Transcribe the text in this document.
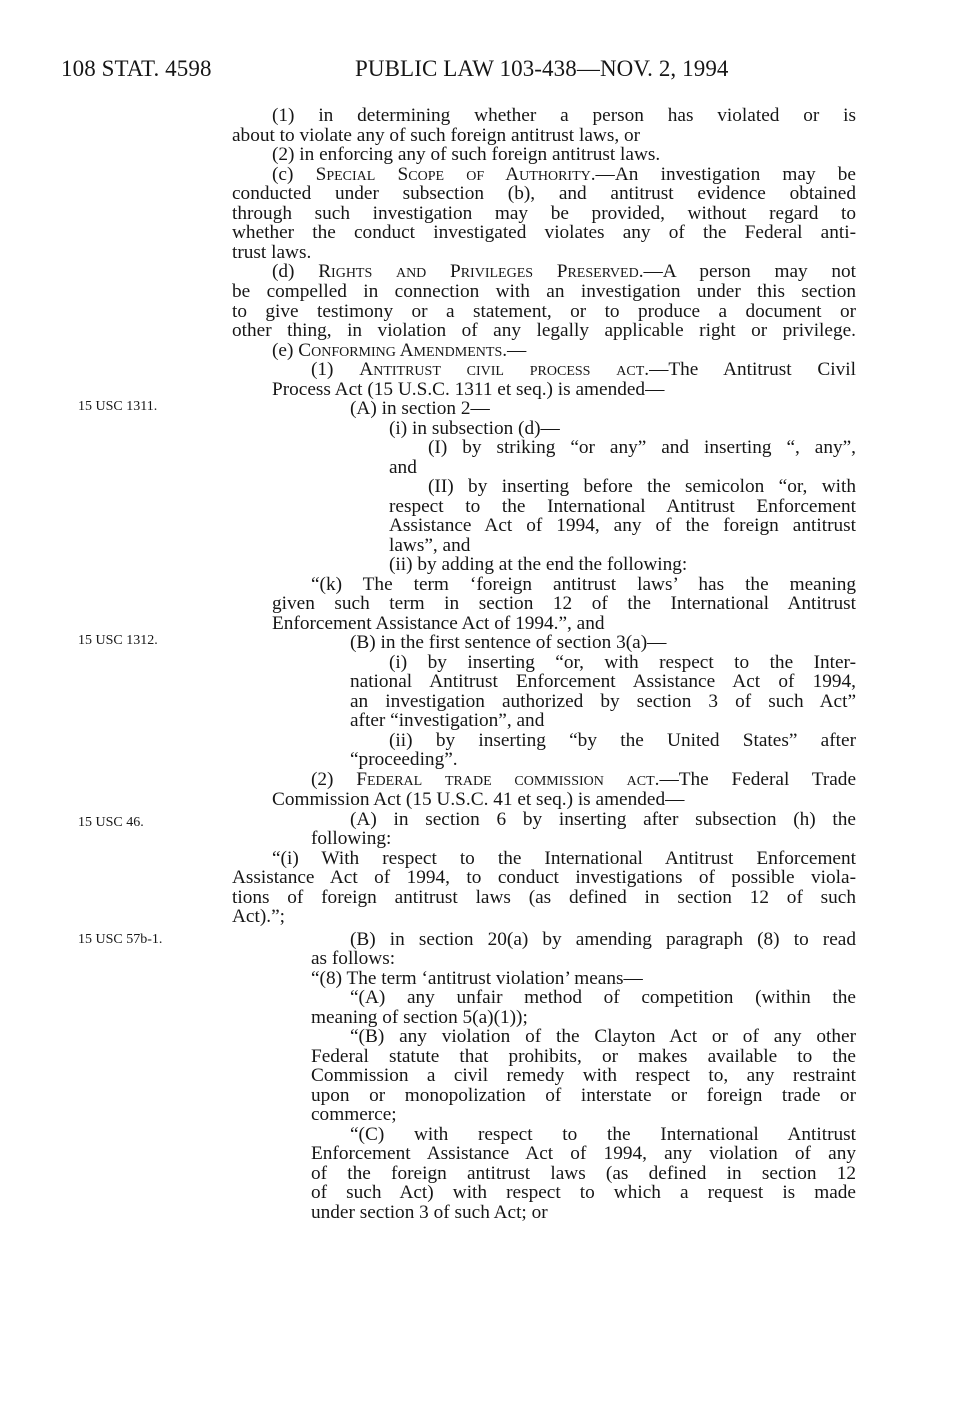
108 STAT. 4598	PUBLIC LAW 103-438—NOV. 2, 1994
15 USC 1311.
15 USC 1312.
15 USC 46.
15 USC 57b-1.
(1) in determining whether a person has violated or is
about to violate any of such foreign antitrust laws, or
(2) in enforcing any of such foreign antitrust laws.
(c) Special Scope of Authority.—An investigation may be
conducted under subsection (b), and antitrust evidence obtained
through such investigation may be provided, without regard to
whether the conduct investigated violates any of the Federal anti-
trust laws.
(d) Rights and Privileges Preserved.—A person may not
be compelled in connection with an investigation under this section
to give testimony or a statement, or to produce a document or
other thing, in violation of any legally applicable right or privilege.
(e) Conforming Amendments.—
(1) Antitrust civil process act.—The Antitrust Civil
Process Act (15 U.S.C. 1311 et seq.) is amended—
(A) in section 2—
(i) in subsection (d)—
(I) by striking “or any” and inserting “, any”,
and
(II) by inserting before the semicolon “or, with
respect to the International Antitrust Enforcement
Assistance Act of 1994, any of the foreign antitrust
laws”, and
(ii) by adding at the end the following:
“(k) The term ‘foreign antitrust laws’ has the meaning
given such term in section 12 of the International Antitrust
Enforcement Assistance Act of 1994.”, and
(B) in the first sentence of section 3(a)—
(i) by inserting “or, with respect to the Inter-
national Antitrust Enforcement Assistance Act of 1994,
an investigation authorized by section 3 of such Act”
after “investigation”, and
(ii) by inserting “by the United States” after
“proceeding”.
(2) Federal trade commission act.—The Federal Trade
Commission Act (15 U.S.C. 41 et seq.) is amended—
(A) in section 6 by inserting after subsection (h) the
following:
“(i) With respect to the International Antitrust Enforcement
Assistance Act of 1994, to conduct investigations of possible viola-
tions of foreign antitrust laws (as defined in section 12 of such
Act).”;
(B) in section 20(a) by amending paragraph (8) to read
as follows:
“(8) The term ‘antitrust violation’ means—
“(A) any unfair method of competition (within the
meaning of section 5(a)(1));
“(B) any violation of the Clayton Act or of any other
Federal statute that prohibits, or makes available to the
Commission a civil remedy with respect to, any restraint
upon or monopolization of interstate or foreign trade or
commerce;
“(C) with respect to the International Antitrust
Enforcement Assistance Act of 1994, any violation of any
of the foreign antitrust laws (as defined in section 12
of such Act) with respect to which a request is made
under section 3 of such Act; or
